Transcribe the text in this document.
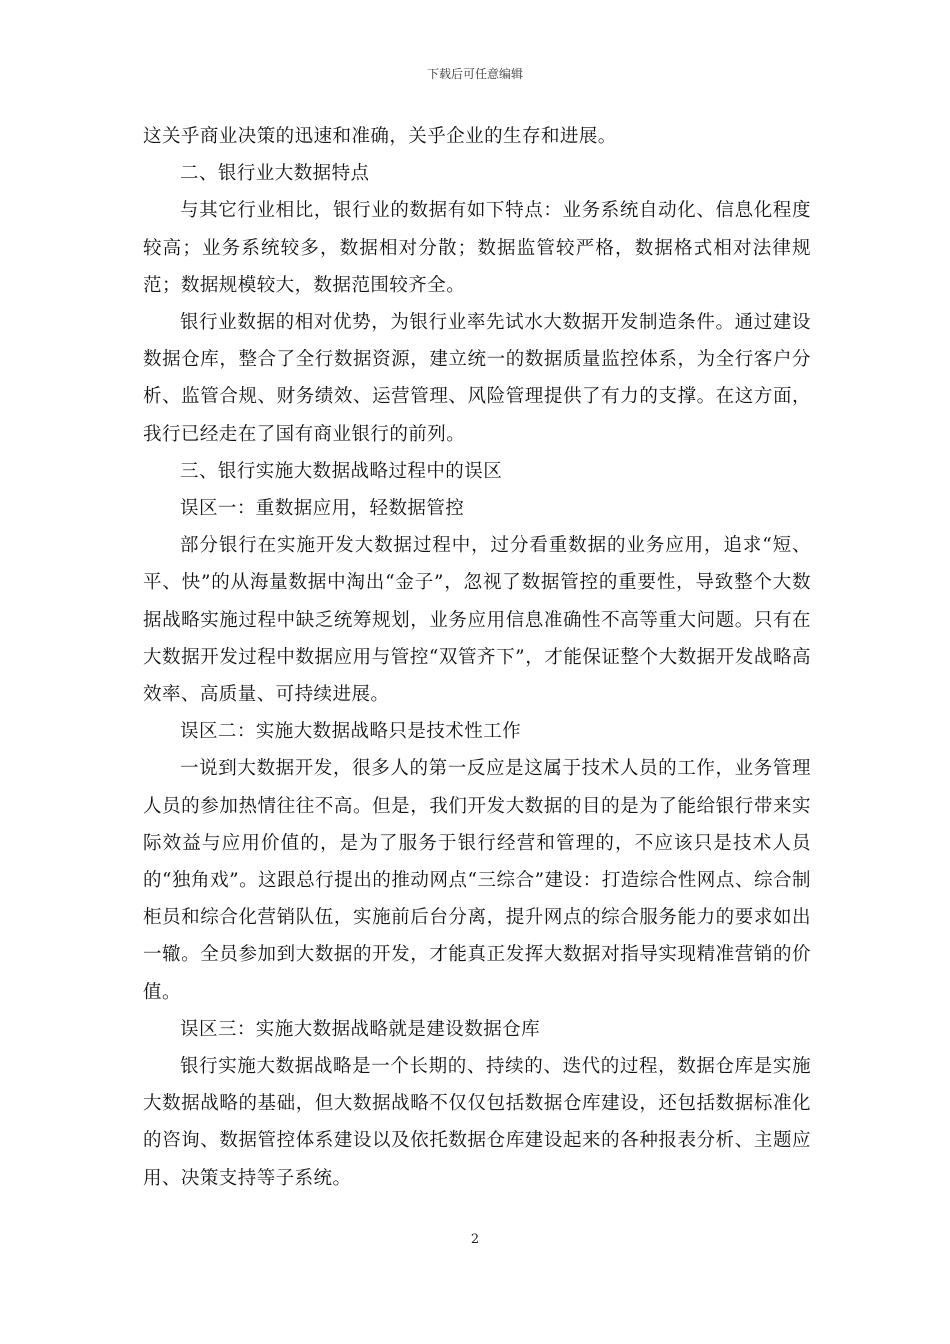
下载后可任意编辑

这关乎商业决策的迅速和准确，关乎企业的生存和进展。

二、银行业大数据特点

与其它行业相比，银行业的数据有如下特点：业务系统自动化、信息化程度较高；业务系统较多，数据相对分散；数据监管较严格，数据格式相对法律规范；数据规模较大，数据范围较齐全。

银行业数据的相对优势，为银行业率先试水大数据开发制造条件。通过建设数据仓库，整合了全行数据资源，建立统一的数据质量监控体系，为全行客户分析、监管合规、财务绩效、运营管理、风险管理提供了有力的支撑。在这方面，我行已经走在了国有商业银行的前列。

三、银行实施大数据战略过程中的误区

误区一：重数据应用，轻数据管控

部分银行在实施开发大数据过程中，过分看重数据的业务应用，追求“短、平、快”的从海量数据中淘出“金子”，忽视了数据管控的重要性，导致整个大数据战略实施过程中缺乏统筹规划，业务应用信息准确性不高等重大问题。只有在大数据开发过程中数据应用与管控“双管齐下”，才能保证整个大数据开发战略高效率、高质量、可持续进展。

误区二：实施大数据战略只是技术性工作

一说到大数据开发，很多人的第一反应是这属于技术人员的工作，业务管理人员的参加热情往往不高。但是，我们开发大数据的目的是为了能给银行带来实际效益与应用价值的，是为了服务于银行经营和管理的，不应该只是技术人员的“独角戏”。这跟总行提出的推动网点“三综合”建设：打造综合性网点、综合制柜员和综合化营销队伍，实施前后台分离，提升网点的综合服务能力的要求如出一辙。全员参加到大数据的开发，才能真正发挥大数据对指导实现精准营销的价值。

误区三：实施大数据战略就是建设数据仓库

银行实施大数据战略是一个长期的、持续的、迭代的过程，数据仓库是实施大数据战略的基础，但大数据战略不仅仅包括数据仓库建设，还包括数据标准化的咨询、数据管控体系建设以及依托数据仓库建设起来的各种报表分析、主题应用、决策支持等子系统。

2
